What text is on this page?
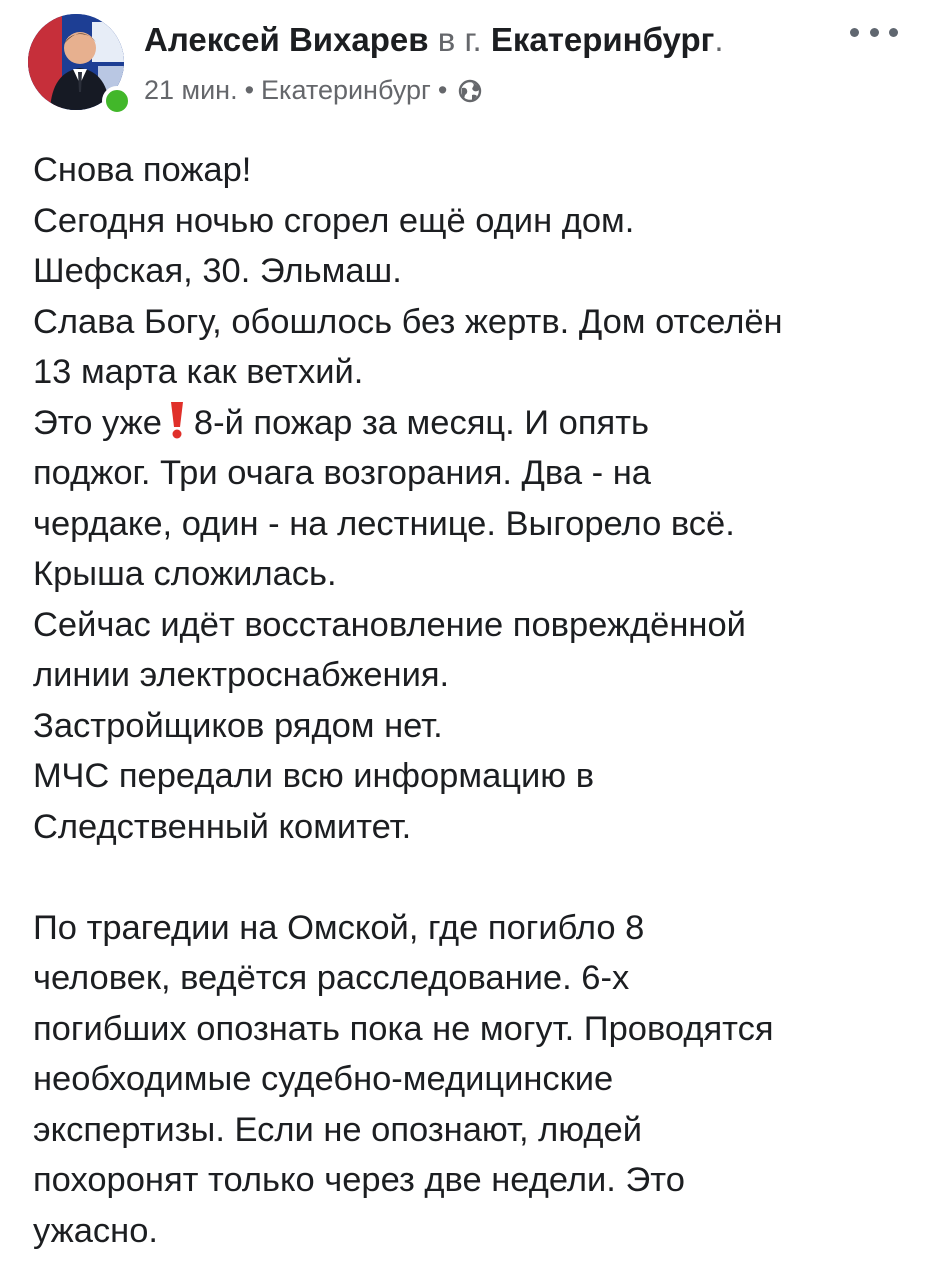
Алексей Вихарев в г. Екатеринбург.
21 мин. • Екатеринбург •

Снова пожар!

Сегодня ночью сгорел ещё один дом.

Шефская, 30. Эльмаш.

Слава Богу, обошлось без жертв. Дом отселён

13 марта как ветхий.

Это уже 8-й пожар за месяц. И опять

поджог. Три очага возгорания. Два - на

чердаке, один - на лестнице. Выгорело всё.

Крыша сложилась.

Сейчас идёт восстановление повреждённой

линии электроснабжения.

Застройщиков рядом нет.

МЧС передали всю информацию в

Следственный комитет.

По трагедии на Омской, где погибло 8

человек, ведётся расследование. 6-х

погибших опознать пока не могут. Проводятся

необходимые судебно-медицинские

экспертизы. Если не опознают, людей

похоронят только через две недели. Это

ужасно.
